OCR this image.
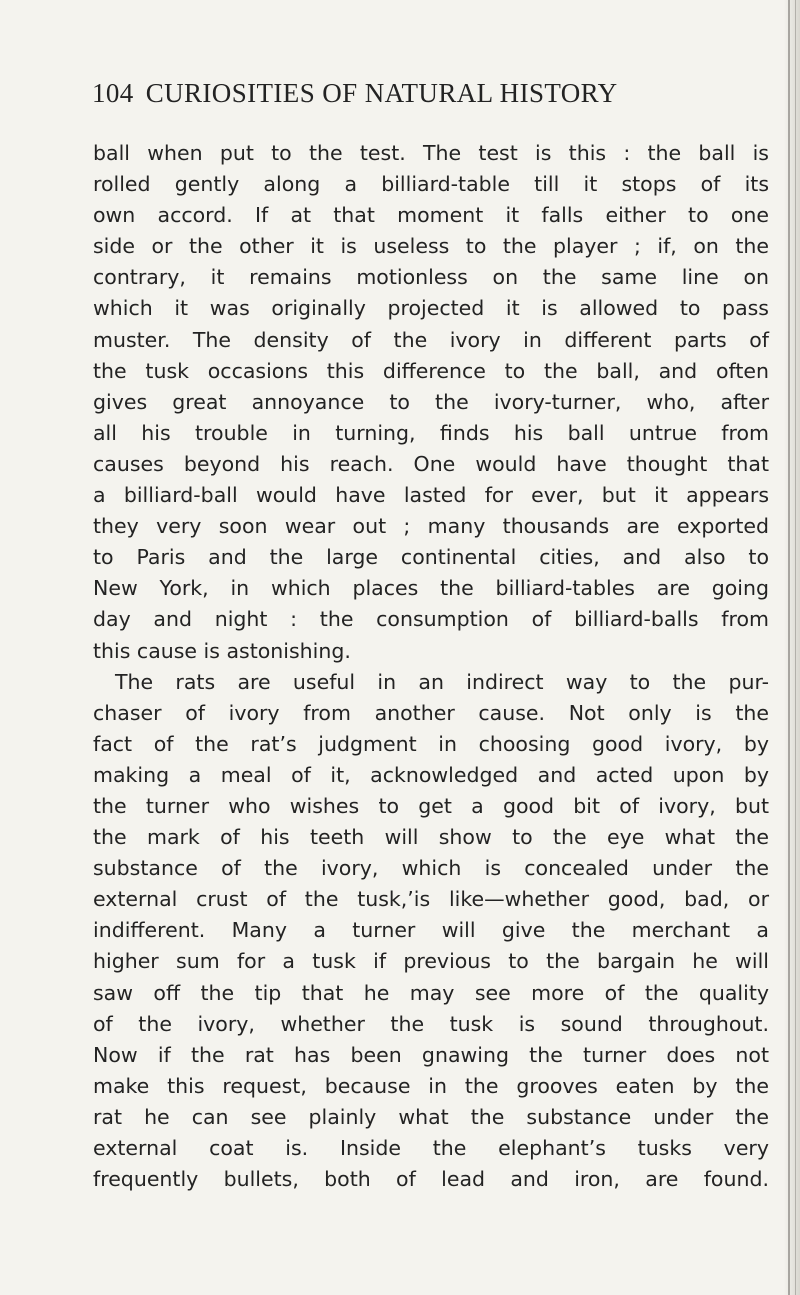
104 CURIOSITIES OF NATURAL HISTORY
ball when put to the test. The test is this : the ball is
rolled gently along a billiard-table till it stops of its
own accord. If at that moment it falls either to one
side or the other it is useless to the player ; if, on the
contrary, it remains motionless on the same line on
which it was originally projected it is allowed to pass
muster. The density of the ivory in different parts of
the tusk occasions this difference to the ball, and often
gives great annoyance to the ivory-turner, who, after
all his trouble in turning, finds his ball untrue from
causes beyond his reach. One would have thought that
a billiard-ball would have lasted for ever, but it appears
they very soon wear out ; many thousands are exported
to Paris and the large continental cities, and also to
New York, in which places the billiard-tables are going
day and night : the consumption of billiard-balls from
this cause is astonishing.
The rats are useful in an indirect way to the pur-
chaser of ivory from another cause. Not only is the
fact of the rat’s judgment in choosing good ivory, by
making a meal of it, acknowledged and acted upon by
the turner who wishes to get a good bit of ivory, but
the mark of his teeth will show to the eye what the
substance of the ivory, which is concealed under the
external crust of the tusk,’is like—whether good, bad, or
indifferent. Many a turner will give the merchant a
higher sum for a tusk if previous to the bargain he will
saw off the tip that he may see more of the quality
of the ivory, whether the tusk is sound throughout.
Now if the rat has been gnawing the turner does not
make this request, because in the grooves eaten by the
rat he can see plainly what the substance under the
external coat is. Inside the elephant’s tusks very
frequently bullets, both of lead and iron, are found.
